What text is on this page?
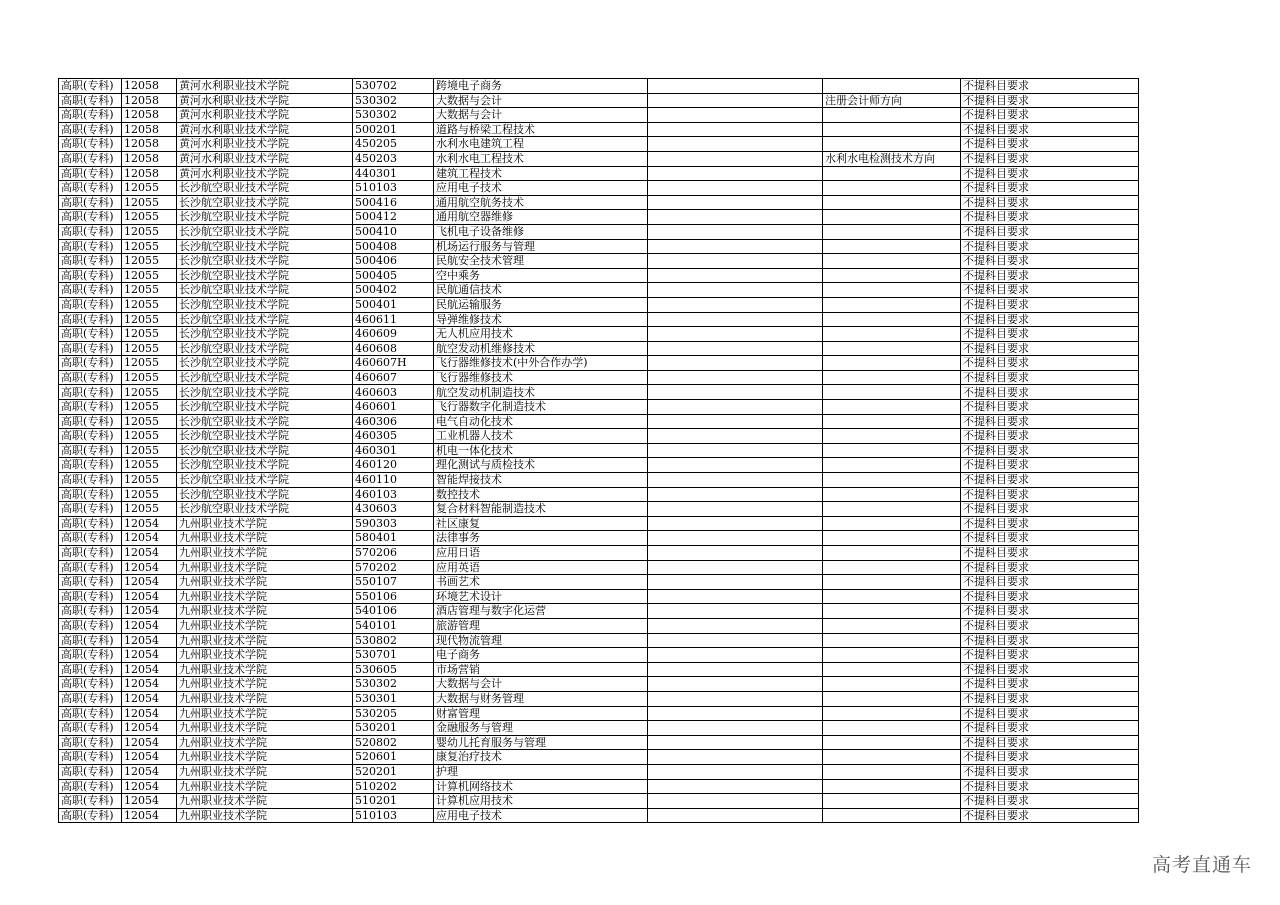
高职(专科)	12058	黄河水利职业技术学院	530702	跨境电子商务			不提科目要求
高职(专科)	12058	黄河水利职业技术学院	530302	大数据与会计		注册会计师方向	不提科目要求
高职(专科)	12058	黄河水利职业技术学院	530302	大数据与会计			不提科目要求
高职(专科)	12058	黄河水利职业技术学院	500201	道路与桥梁工程技术			不提科目要求
高职(专科)	12058	黄河水利职业技术学院	450205	水利水电建筑工程			不提科目要求
高职(专科)	12058	黄河水利职业技术学院	450203	水利水电工程技术		水利水电检测技术方向	不提科目要求
高职(专科)	12058	黄河水利职业技术学院	440301	建筑工程技术			不提科目要求
高职(专科)	12055	长沙航空职业技术学院	510103	应用电子技术			不提科目要求
高职(专科)	12055	长沙航空职业技术学院	500416	通用航空航务技术			不提科目要求
高职(专科)	12055	长沙航空职业技术学院	500412	通用航空器维修			不提科目要求
高职(专科)	12055	长沙航空职业技术学院	500410	飞机电子设备维修			不提科目要求
高职(专科)	12055	长沙航空职业技术学院	500408	机场运行服务与管理			不提科目要求
高职(专科)	12055	长沙航空职业技术学院	500406	民航安全技术管理			不提科目要求
高职(专科)	12055	长沙航空职业技术学院	500405	空中乘务			不提科目要求
高职(专科)	12055	长沙航空职业技术学院	500402	民航通信技术			不提科目要求
高职(专科)	12055	长沙航空职业技术学院	500401	民航运输服务			不提科目要求
高职(专科)	12055	长沙航空职业技术学院	460611	导弹维修技术			不提科目要求
高职(专科)	12055	长沙航空职业技术学院	460609	无人机应用技术			不提科目要求
高职(专科)	12055	长沙航空职业技术学院	460608	航空发动机维修技术			不提科目要求
高职(专科)	12055	长沙航空职业技术学院	460607H	飞行器维修技术(中外合作办学)			不提科目要求
高职(专科)	12055	长沙航空职业技术学院	460607	飞行器维修技术			不提科目要求
高职(专科)	12055	长沙航空职业技术学院	460603	航空发动机制造技术			不提科目要求
高职(专科)	12055	长沙航空职业技术学院	460601	飞行器数字化制造技术			不提科目要求
高职(专科)	12055	长沙航空职业技术学院	460306	电气自动化技术			不提科目要求
高职(专科)	12055	长沙航空职业技术学院	460305	工业机器人技术			不提科目要求
高职(专科)	12055	长沙航空职业技术学院	460301	机电一体化技术			不提科目要求
高职(专科)	12055	长沙航空职业技术学院	460120	理化测试与质检技术			不提科目要求
高职(专科)	12055	长沙航空职业技术学院	460110	智能焊接技术			不提科目要求
高职(专科)	12055	长沙航空职业技术学院	460103	数控技术			不提科目要求
高职(专科)	12055	长沙航空职业技术学院	430603	复合材料智能制造技术			不提科目要求
高职(专科)	12054	九州职业技术学院	590303	社区康复			不提科目要求
高职(专科)	12054	九州职业技术学院	580401	法律事务			不提科目要求
高职(专科)	12054	九州职业技术学院	570206	应用日语			不提科目要求
高职(专科)	12054	九州职业技术学院	570202	应用英语			不提科目要求
高职(专科)	12054	九州职业技术学院	550107	书画艺术			不提科目要求
高职(专科)	12054	九州职业技术学院	550106	环境艺术设计			不提科目要求
高职(专科)	12054	九州职业技术学院	540106	酒店管理与数字化运营			不提科目要求
高职(专科)	12054	九州职业技术学院	540101	旅游管理			不提科目要求
高职(专科)	12054	九州职业技术学院	530802	现代物流管理			不提科目要求
高职(专科)	12054	九州职业技术学院	530701	电子商务			不提科目要求
高职(专科)	12054	九州职业技术学院	530605	市场营销			不提科目要求
高职(专科)	12054	九州职业技术学院	530302	大数据与会计			不提科目要求
高职(专科)	12054	九州职业技术学院	530301	大数据与财务管理			不提科目要求
高职(专科)	12054	九州职业技术学院	530205	财富管理			不提科目要求
高职(专科)	12054	九州职业技术学院	530201	金融服务与管理			不提科目要求
高职(专科)	12054	九州职业技术学院	520802	婴幼儿托育服务与管理			不提科目要求
高职(专科)	12054	九州职业技术学院	520601	康复治疗技术			不提科目要求
高职(专科)	12054	九州职业技术学院	520201	护理			不提科目要求
高职(专科)	12054	九州职业技术学院	510202	计算机网络技术			不提科目要求
高职(专科)	12054	九州职业技术学院	510201	计算机应用技术			不提科目要求
高职(专科)	12054	九州职业技术学院	510103	应用电子技术			不提科目要求
高考直通车
